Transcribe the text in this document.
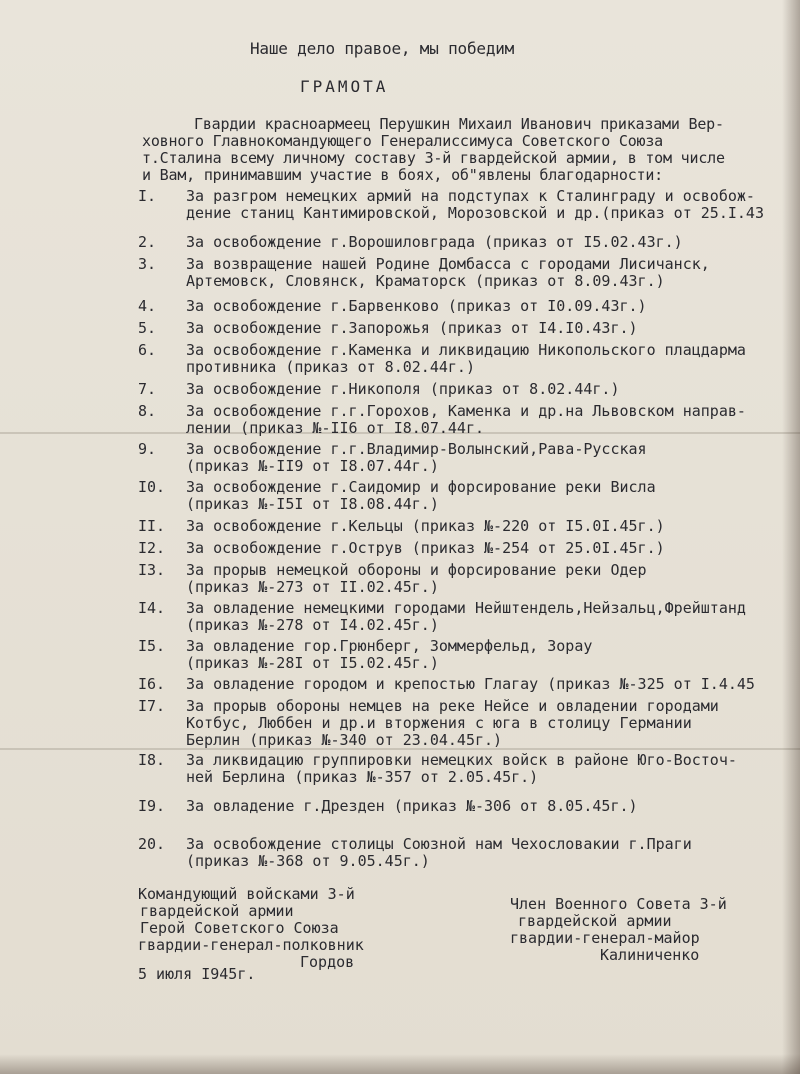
Наше дело правое, мы победим
ГРАМОТА
Гвардии красноармеец Перушкин Михаил Иванович приказами Вер-
ховного Главнокомандующего Генералиссимуса Советского Союза
т.Сталина всему личному составу 3-й гвардейской армии, в том числе
и Вам, принимавшим участие в боях, об"явлены благодарности:
I.	За разгром немецких армий на подступах к Сталинграду и освобож-
дение станиц Кантимировской, Морозовской и др.(приказ от 25.I.43
2.	За освобождение г.Ворошиловграда (приказ от I5.02.43г.)
3.	За возвращение нашей Родине Домбасса с городами Лисичанск,
Артемовск, Словянск, Краматорск (приказ от 8.09.43г.)
4.	За освобождение г.Барвенково (приказ от I0.09.43г.)
5.	За освобождение г.Запорожья (приказ от I4.I0.43г.)
6.	За освобождение г.Каменка и ликвидацию Никопольского плацдарма
противника (приказ от 8.02.44г.)
7.	За освобождение г.Никополя (приказ от 8.02.44г.)
8.	За освобождение г.г.Горохов, Каменка и др.на Львовском направ-
лении (приказ №-II6 от I8.07.44г.
9.	За освобождение г.г.Владимир-Волынский,Рава-Русская
(приказ №-II9 от I8.07.44г.)
I0.	За освобождение г.Саидомир и форсирование реки Висла
(приказ №-I5I от I8.08.44г.)
II.	За освобождение г.Кельцы (приказ №-220 от I5.0I.45г.)
I2.	За освобождение г.Острув (приказ №-254 от 25.0I.45г.)
I3.	За прорыв немецкой обороны и форсирование реки Одер
(приказ №-273 от II.02.45г.)
I4.	За овладение немецкими городами Нейштендель,Нейзальц,Фрейштанд
(приказ №-278 от I4.02.45г.)
I5.	За овладение гор.Грюнберг, Зоммерфельд, Зорау
(приказ №-28I от I5.02.45г.)
I6.	За овладение городом и крепостью Глагау (приказ №-325 от I.4.45
I7.	За прорыв обороны немцев на реке Нейсе и овладении городами
Котбус, Люббен и др.и вторжения с юга в столицу Германии
Берлин (приказ №-340 от 23.04.45г.)
I8.	За ликвидацию группировки немецких войск в районе Юго-Восточ-
ней Берлина (приказ №-357 от 2.05.45г.)
I9.	За овладение г.Дрезден (приказ №-306 от 8.05.45г.)
20.	За освобождение столицы Союзной нам Чехословакии г.Праги
(приказ №-368 от 9.05.45г.)
Командующий войсками 3-й
гвардейской армии
Герой Советского Союза
гвардии-генерал-полковник
Гордов
Член Военного Совета 3-й
гвардейской армии
гвардии-генерал-майор
Калиниченко
5 июля I945г.
